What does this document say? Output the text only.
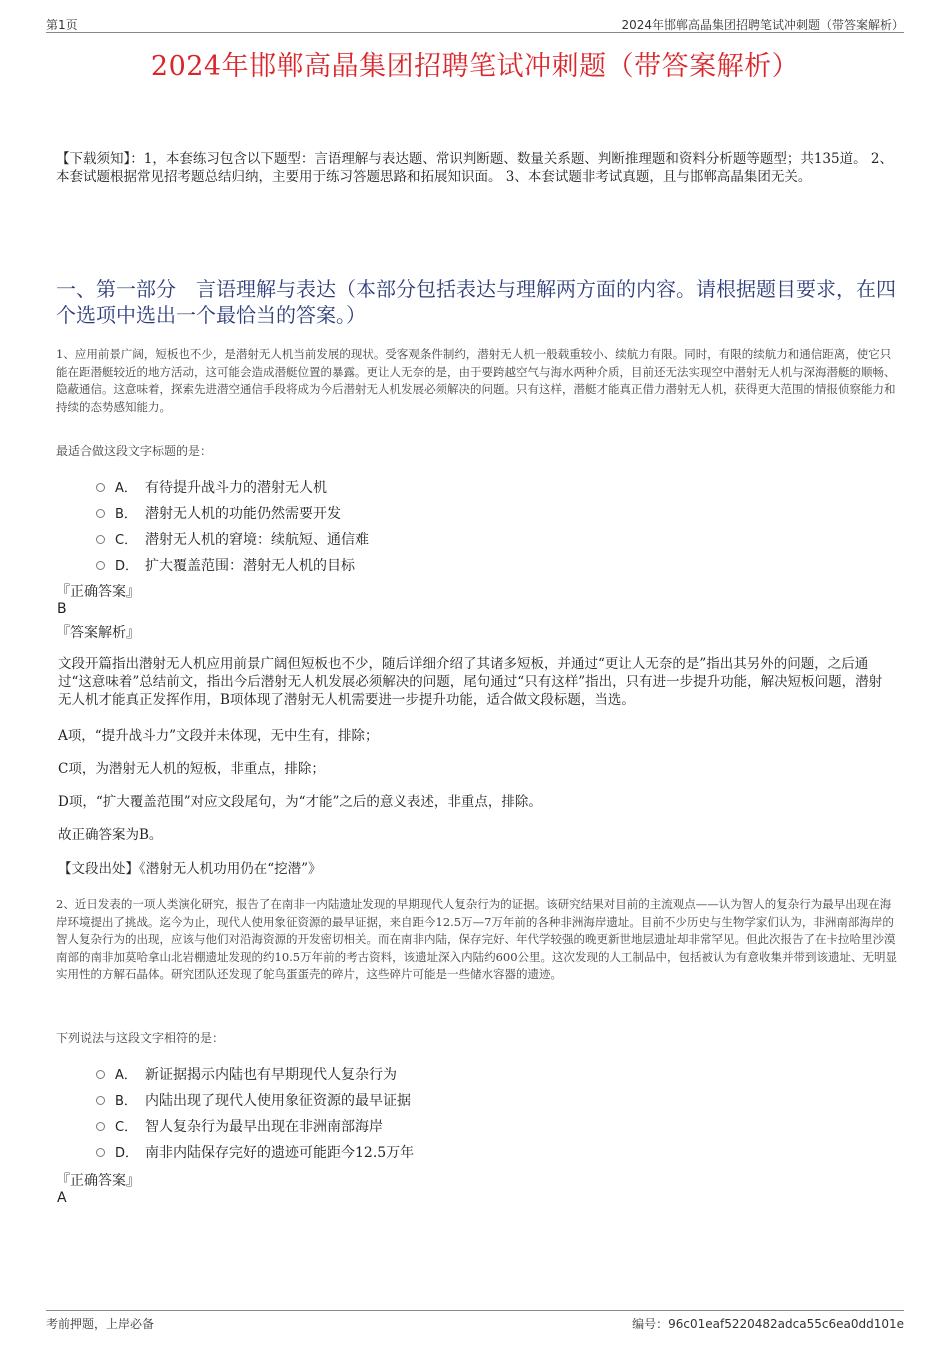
第1页	2024年邯郸高晶集团招聘笔试冲刺题（带答案解析）
2024年邯郸高晶集团招聘笔试冲刺题（带答案解析）
【下载须知】：1，本套练习包含以下题型：言语理解与表达题、常识判断题、数量关系题、判断推理题和资料分析题等题型；共135道。 2、本套试题根据常见招考题总结归纳，主要用于练习答题思路和拓展知识面。 3、本套试题非考试真题，且与邯郸高晶集团无关。
一、第一部分　言语理解与表达（本部分包括表达与理解两方面的内容。请根据题目要求，在四个选项中选出一个最恰当的答案。）
1、应用前景广阔，短板也不少，是潜射无人机当前发展的现状。受客观条件制约，潜射无人机一般载重较小、续航力有限。同时，有限的续航力和通信距离，使它只能在距潜艇较近的地方活动，这可能会造成潜艇位置的暴露。更让人无奈的是，由于要跨越空气与海水两种介质，目前还无法实现空中潜射无人机与深海潜艇的顺畅、隐蔽通信。这意味着，探索先进潜空通信手段将成为今后潜射无人机发展必须解决的问题。只有这样，潜艇才能真正借力潜射无人机，获得更大范围的情报侦察能力和持续的态势感知能力。
最适合做这段文字标题的是：
A． 有待提升战斗力的潜射无人机
B． 潜射无人机的功能仍然需要开发
C． 潜射无人机的窘境：续航短、通信难
D． 扩大覆盖范围：潜射无人机的目标
『正确答案』
B
『答案解析』
文段开篇指出潜射无人机应用前景广阔但短板也不少，随后详细介绍了其诸多短板，并通过“更让人无奈的是”指出其另外的问题，之后通过“这意味着”总结前文，指出今后潜射无人机发展必须解决的问题，尾句通过“只有这样”指出，只有进一步提升功能，解决短板问题，潜射无人机才能真正发挥作用，B项体现了潜射无人机需要进一步提升功能，适合做文段标题，当选。
A项，“提升战斗力”文段并未体现，无中生有，排除；
C项，为潜射无人机的短板，非重点，排除；
D项，“扩大覆盖范围”对应文段尾句，为“才能”之后的意义表述，非重点，排除。
故正确答案为B。
【文段出处】《潜射无人机功用仍在“挖潜”》
2、近日发表的一项人类演化研究，报告了在南非一内陆遗址发现的早期现代人复杂行为的证据。该研究结果对目前的主流观点——认为智人的复杂行为最早出现在海岸环境提出了挑战。迄今为止，现代人使用象征资源的最早证据，来自距今12.5万—7万年前的各种非洲海岸遗址。目前不少历史与生物学家们认为，非洲南部海岸的智人复杂行为的出现，应该与他们对沿海资源的开发密切相关。而在南非内陆，保存完好、年代学较强的晚更新世地层遗址却非常罕见。但此次报告了在卡拉哈里沙漠南部的南非加莫哈拿山北岩棚遗址发现的约10.5万年前的考古资料，该遗址深入内陆约600公里。这次发现的人工制品中，包括被认为有意收集并带到该遗址、无明显实用性的方解石晶体。研究团队还发现了鸵鸟蛋蛋壳的碎片，这些碎片可能是一些储水容器的遗迹。
下列说法与这段文字相符的是：
A． 新证据揭示内陆也有早期现代人复杂行为
B． 内陆出现了现代人使用象征资源的最早证据
C． 智人复杂行为最早出现在非洲南部海岸
D． 南非内陆保存完好的遗迹可能距今12.5万年
『正确答案』
A
考前押题，上岸必备	编号：96c01eaf5220482adca55c6ea0dd101e
